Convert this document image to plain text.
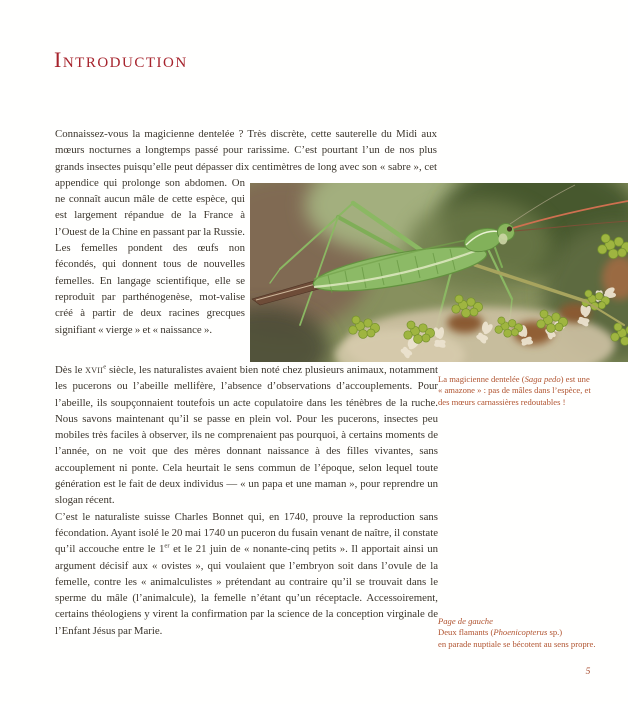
Introduction

Connaissez-vous la magicienne dentelée ? Très discrète, cette sauterelle du Midi aux mœurs nocturnes a longtemps passé pour rarissime. C’est pourtant l’un de nos plus grands insectes puisqu’elle peut dépasser dix centimètres de long avec son « sabre », cet appendice qui prolonge son abdomen. On ne connaît aucun mâle de cette espèce, qui est largement répandue de la France à l’Ouest de la Chine en passant par la Russie. Les femelles pondent des œufs non fécondés, qui donnent tous de nouvelles femelles. En langage scientifique, elle se reproduit par parthénogenèse, mot-valise créé à partir de deux racines grecques signifiant « vierge » et « naissance ».

Dès le xvii$^e$ siècle, les naturalistes avaient bien noté chez plusieurs animaux, notamment les pucerons ou l’abeille mellifère, l’absence d’observations d’accouplements. Pour l’abeille, ils soupçonnaient toutefois un acte copulatoire dans les ténèbres de la ruche. Nous savons maintenant qu’il se passe en plein vol. Pour les pucerons, insectes peu mobiles très faciles à observer, ils ne comprenaient pas pourquoi, à certains moments de l’année, on ne voit que des mères donnant naissance à des filles vivantes, sans accouplement ni ponte. Cela heurtait le sens commun de l’époque, selon lequel toute génération est le fait de deux individus — « un papa et une maman », pour reprendre un slogan récent.

C’est le naturaliste suisse Charles Bonnet qui, en 1740, prouve la reproduction sans fécondation. Ayant isolé le 20 mai 1740 un puceron du fusain venant de naître, il constate qu’il accouche entre le 1er et le 21 juin de « nonante-cinq petits ». Il apportait ainsi un argument décisif aux « ovistes », qui voulaient que l’embryon soit dans l’ovule de la femelle, contre les « animalculistes » prétendant au contraire qu’il se trouvait dans le sperme du mâle (l’animalcule), la femelle n’étant qu’un réceptacle. Accessoirement, certains théologiens y virent la confirmation par la science de la conception virginale de l’Enfant Jésus par Marie.

La magicienne dentelée (Saga pedo) est une « amazone » : pas de mâles dans l’espèce, et des mœurs carnassières redoutables !
Page de gauche
Deux flamants (Phoenicopterus sp.)
en parade nuptiale se bécotent au sens propre.
5
